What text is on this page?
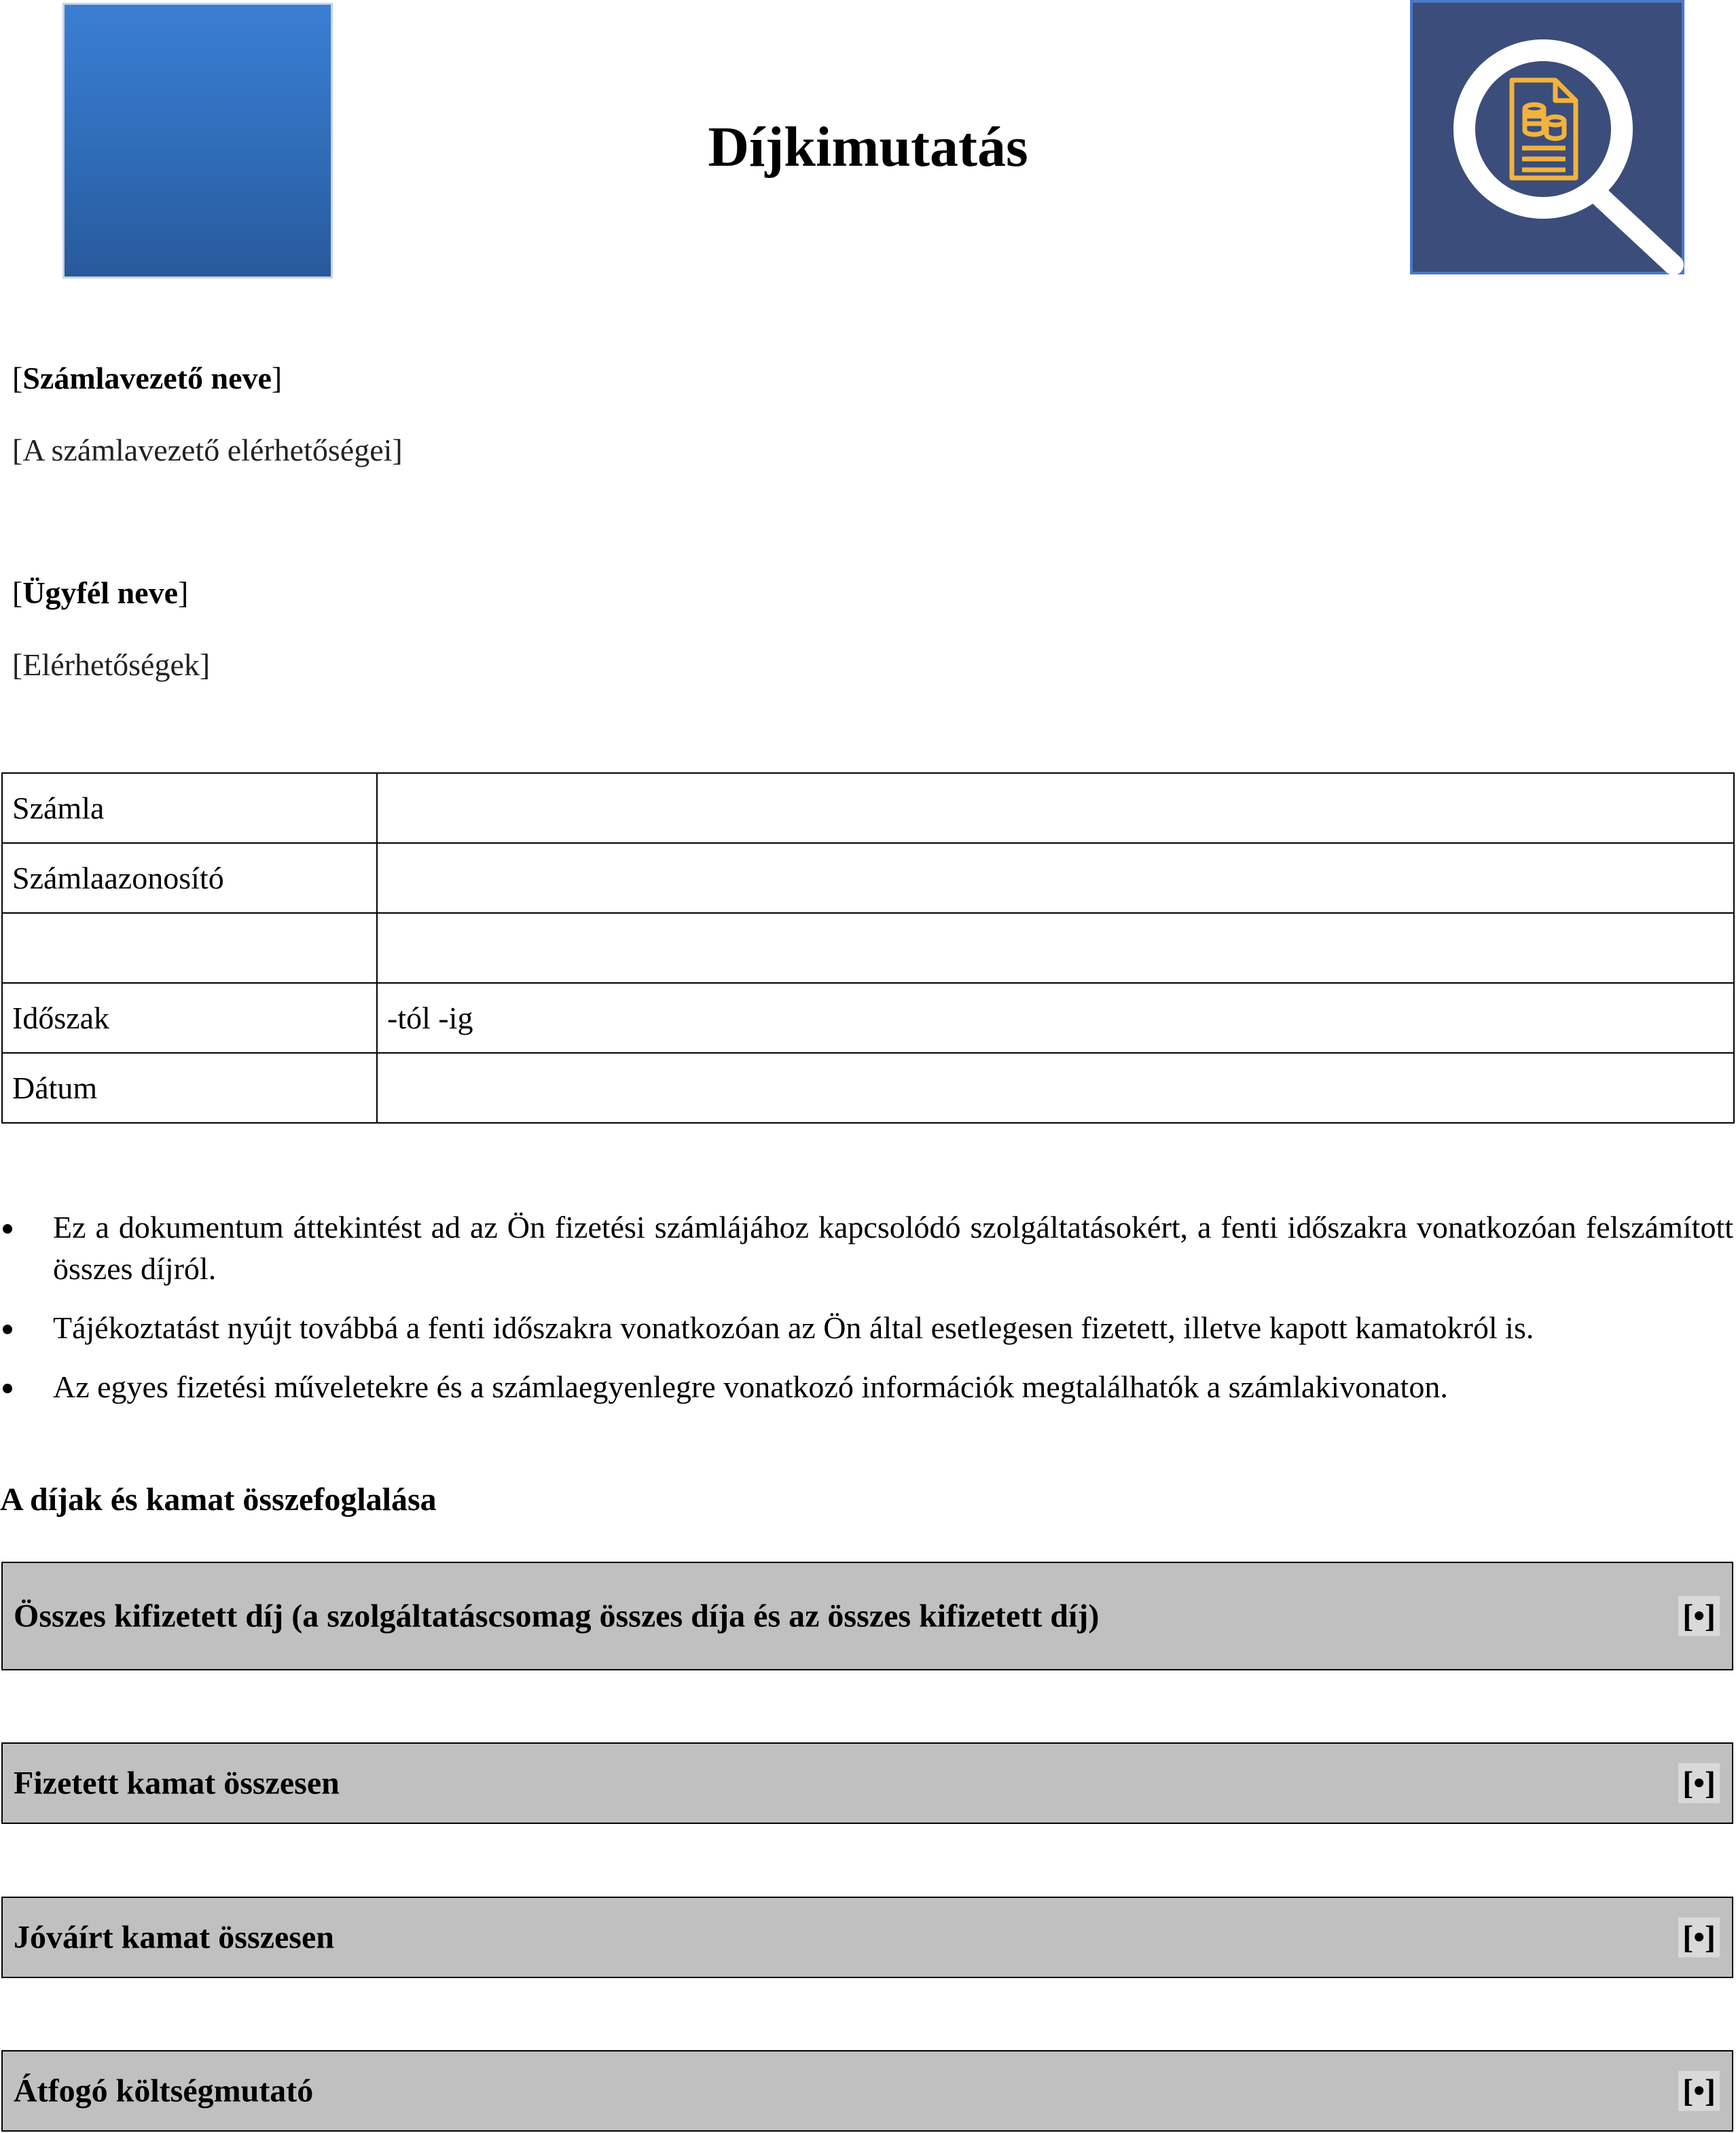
Díjkimutatás
[Számlavezető neve]
[A számlavezető elérhetőségei]
[Ügyfél neve]
[Elérhetőségek]
Számla	
Számlaazonosító	

Időszak	-tól -ig
Dátum	
Ez a dokumentum áttekintést ad az Ön fizetési számlájához kapcsolódó szolgáltatásokért, a fenti időszakra vonatkozóan felszámított összes díjról.
Tájékoztatást nyújt továbbá a fenti időszakra vonatkozóan az Ön által esetlegesen fizetett, illetve kapott kamatokról is.
Az egyes fizetési műveletekre és a számlaegyenlegre vonatkozó információk megtalálhatók a számlakivonaton.
A díjak és kamat összefoglalása
Összes kifizetett díj (a szolgáltatáscsomag összes díja és az összes kifizetett díj)	[•]
Fizetett kamat összesen	[•]
Jóváírt kamat összesen	[•]
Átfogó költségmutató	[•]
